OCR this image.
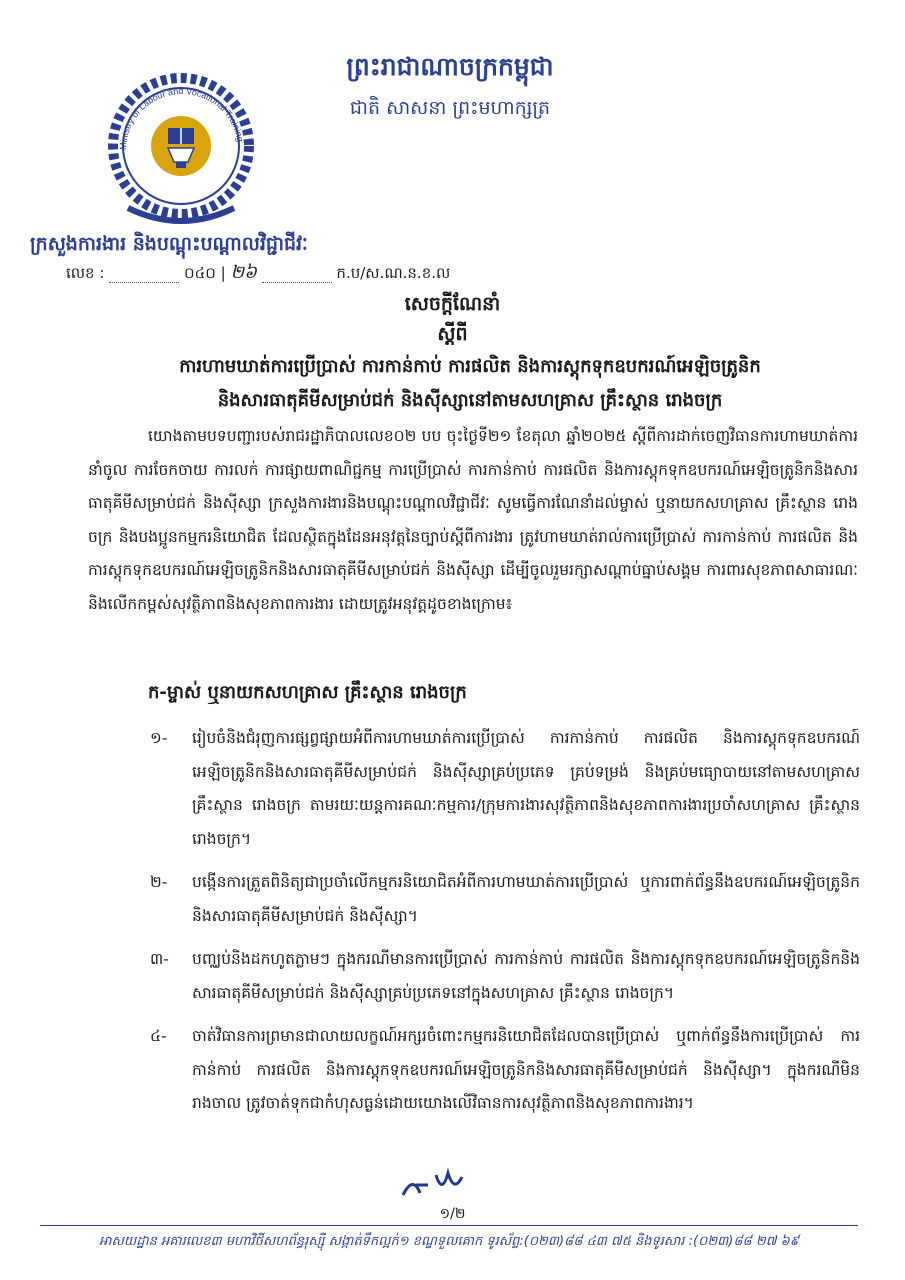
Ministry of Labour and Vocational Training
ព្រះរាជាណាចក្រកម្ពុជា
ជាតិ សាសនា ព្រះមហាក្សត្រ
ក្រសួងការងារ និងបណ្តុះបណ្តាលវិជ្ជាជីវៈ
លេខ :	០៤០ | ២៦	ក.ប/ស.ណ.ន.ខ.ល
សេចក្តីណែនាំ
ស្តីពី
ការហាមឃាត់ការប្រើប្រាស់ ការកាន់កាប់ ការផលិត និងការស្តុកទុកឧបករណ៍អេឡិចត្រូនិក
និងសារធាតុគីមីសម្រាប់ជក់ និងស៊ីស្សានៅតាមសហគ្រាស គ្រឹះស្ថាន រោងចក្រ
យោងតាមបទបញ្ជារបស់រាជរដ្ឋាភិបាលលេខ០២ បប ចុះថ្ងៃទី២១ ខែតុលា ឆ្នាំ២០២៥ ស្តីពីការដាក់ចេញវិធានការហាមឃាត់ការនាំចូល ការចែកចាយ ការលក់ ការផ្សាយពាណិជ្ជកម្ម ការប្រើប្រាស់ ការកាន់កាប់ ការផលិត និងការស្តុកទុកឧបករណ៍អេឡិចត្រូនិកនិងសារធាតុគីមីសម្រាប់ជក់ និងស៊ីស្សា ក្រសួងការងារនិងបណ្តុះបណ្តាលវិជ្ជាជីវៈ សូមធ្វើការណែនាំដល់ម្ចាស់ ឬនាយកសហគ្រាស គ្រឹះស្ថាន រោងចក្រ និងបងប្អូនកម្មករនិយោជិត ដែលស្ថិតក្នុងដែនអនុវត្តនៃច្បាប់ស្តីពីការងារ ត្រូវហាមឃាត់រាល់ការប្រើប្រាស់ ការកាន់កាប់ ការផលិត និងការស្តុកទុកឧបករណ៍អេឡិចត្រូនិកនិងសារធាតុគីមីសម្រាប់ជក់ និងស៊ីស្សា ដើម្បីចូលរួមរក្សាសណ្តាប់ធ្នាប់សង្គម ការពារសុខភាពសាធារណៈ និងលើកកម្ពស់សុវត្ថិភាពនិងសុខភាពការងារ ដោយត្រូវអនុវត្តដូចខាងក្រោម៖
ក-ម្ចាស់ ឬនាយកសហគ្រាស គ្រឹះស្ថាន រោងចក្រ
១-	រៀបចំនិងជំរុញការផ្សព្វផ្សាយអំពីការហាមឃាត់ការប្រើប្រាស់ ការកាន់កាប់ ការផលិត និងការស្តុកទុកឧបករណ៍អេឡិចត្រូនិកនិងសារធាតុគីមីសម្រាប់ជក់ និងស៊ីស្សាគ្រប់ប្រភេទ គ្រប់ទម្រង់ និងគ្រប់មធ្យោបាយនៅតាមសហគ្រាស គ្រឹះស្ថាន រោងចក្រ តាមរយៈយន្តការគណៈកម្មការ/ក្រុមការងារសុវត្ថិភាពនិងសុខភាពការងារប្រចាំសហគ្រាស គ្រឹះស្ថាន រោងចក្រ។
២-	បង្កើនការត្រួតពិនិត្យជាប្រចាំលើកម្មករនិយោជិតអំពីការហាមឃាត់ការប្រើប្រាស់ ឬការពាក់ព័ន្ធនឹងឧបករណ៍អេឡិចត្រូនិកនិងសារធាតុគីមីសម្រាប់ជក់ និងស៊ីស្សា។
៣-	បញ្ឈប់និងដកហូតភ្លាមៗ ក្នុងករណីមានការប្រើប្រាស់ ការកាន់កាប់ ការផលិត និងការស្តុកទុកឧបករណ៍អេឡិចត្រូនិកនិងសារធាតុគីមីសម្រាប់ជក់ និងស៊ីស្សាគ្រប់ប្រភេទនៅក្នុងសហគ្រាស គ្រឹះស្ថាន រោងចក្រ។
៤-	ចាត់វិធានការព្រមានជាលាយលក្ខណ៍អក្សរចំពោះកម្មករនិយោជិតដែលបានប្រើប្រាស់ ឬពាក់ព័ន្ធនឹងការប្រើប្រាស់ ការកាន់កាប់ ការផលិត និងការស្តុកទុកឧបករណ៍អេឡិចត្រូនិកនិងសារធាតុគីមីសម្រាប់ជក់ និងស៊ីស្សា។ ក្នុងករណីមិនរាងចាល ត្រូវចាត់ទុកជាកំហុសធ្ងន់ដោយយោងលើវិធានការសុវត្ថិភាពនិងសុខភាពការងារ។
១/២
អាសយដ្ឋាន អគារលេខ៣ មហាវិថីសហព័ន្ធរុស្ស៊ី សង្កាត់ទឹកល្អក់១ ខណ្ឌទួលគោក ទូរស័ព្ទ:(០២៣)៨៨ ៤៣ ៧៥ និងទូរសារ :(០២៣)៨៨ ២៧ ៦៩
